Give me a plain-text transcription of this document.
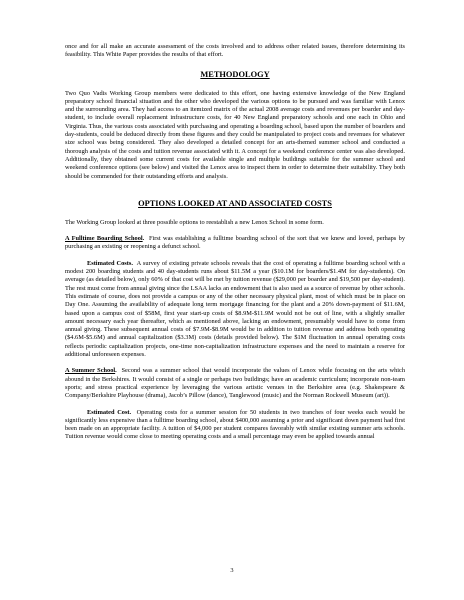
once and for all make an accurate assessment of the costs involved and to address other related issues, therefore determining its feasibility. This White Paper provides the results of that effort.

METHODOLOGY

Two Quo Vadis Working Group members were dedicated to this effort, one having extensive knowledge of the New England preparatory school financial situation and the other who developed the various options to be pursued and was familiar with Lenox and the surrounding area. They had access to an itemized matrix of the actual 2008 average costs and revenues per boarder and day-student, to include overall replacement infrastructure costs, for 40 New England preparatory schools and one each in Ohio and Virginia. Thus, the various costs associated with purchasing and operating a boarding school, based upon the number of boarders and day-students, could be deduced directly from these figures and they could be manipulated to project costs and revenues for whatever size school was being considered. They also developed a detailed concept for an arts-themed summer school and conducted a thorough analysis of the costs and tuition revenue associated with it. A concept for a weekend conference center was also developed. Additionally, they obtained some current costs for available single and multiple buildings suitable for the summer school and weekend conference options (see below) and visited the Lenox area to inspect them in order to determine their suitability. They both should be commended for their outstanding efforts and analysis.

OPTIONS LOOKED AT AND ASSOCIATED COSTS

The Working Group looked at three possible options to reestablish a new Lenox School in some form.

A Fulltime Boarding School. First was establishing a fulltime boarding school of the sort that we knew and loved, perhaps by purchasing an existing or reopening a defunct school.

Estimated Costs. A survey of existing private schools reveals that the cost of operating a fulltime boarding school with a modest 200 boarding students and 40 day-students runs about $11.5M a year ($10.1M for boarders/$1.4M for day-students). On average (as detailed below), only 60% of that cost will be met by tuition revenue ($29,000 per boarder and $19,500 per day-student). The rest must come from annual giving since the LSAA lacks an endowment that is also used as a source of revenue by other schools. This estimate of course, does not provide a campus or any of the other necessary physical plant, most of which must be in place on Day One. Assuming the availability of adequate long term mortgage financing for the plant and a 20% down-payment of $11.6M, based upon a campus cost of $58M, first year start-up costs of $8.9M-$11.9M would not be out of line, with a slightly smaller amount necessary each year thereafter, which as mentioned above, lacking an endowment, presumably would have to come from annual giving. These subsequent annual costs of $7.9M-$8.9M would be in addition to tuition revenue and address both operating ($4.6M-$5.6M) and annual capitalization ($3.3M) costs (details provided below). The $1M fluctuation in annual operating costs reflects periodic capitalization projects, one-time non-capitalization infrastructure expenses and the need to maintain a reserve for additional unforeseen expenses.

A Summer School. Second was a summer school that would incorporate the values of Lenox while focusing on the arts which abound in the Berkshires. It would consist of a single or perhaps two buildings; have an academic curriculum; incorporate non-team sports; and stress practical experience by leveraging the various artistic venues in the Berkshire area (e.g. Shakespeare & Company/Berkshire Playhouse (drama), Jacob’s Pillow (dance), Tanglewood (music) and the Norman Rockwell Museum (art)).

Estimated Cost. Operating costs for a summer session for 50 students in two tranches of four weeks each would be significantly less expensive than a fulltime boarding school, about $400,000 assuming a prior and significant down payment had first been made on an appropriate facility. A tuition of $4,000 per student compares favorably with similar existing summer arts schools. Tuition revenue would come close to meeting operating costs and a small percentage may even be applied towards annual

3
